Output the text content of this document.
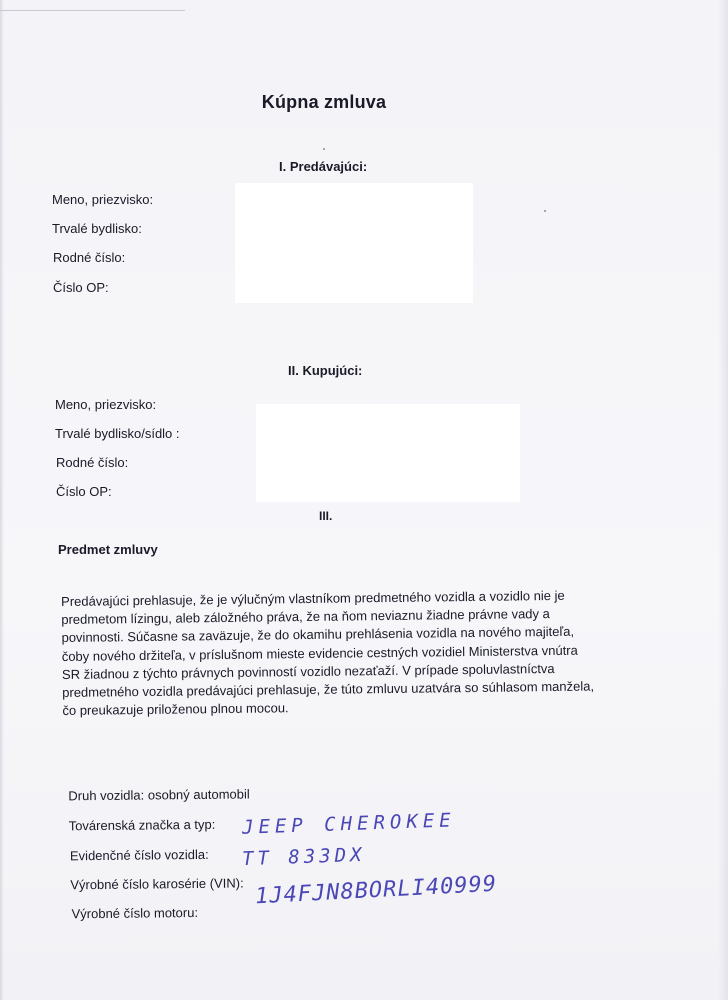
Kúpna zmluva
I. Predávajúci:
Meno, priezvisko:
Trvalé bydlisko:
Rodné číslo:
Číslo OP:
II. Kupujúci:
Meno, priezvisko:
Trvalé bydlisko/sídlo :
Rodné číslo:
Číslo OP:
III.
Predmet zmluvy
Predávajúci prehlasuje, že je výlučným vlastníkom predmetného vozidla a vozidlo nie je
predmetom lízingu, aleb záložného práva, že na ňom neviaznu žiadne právne vady a
povinnosti. Súčasne sa zaväzuje, že do okamihu prehlásenia vozidla na nového majiteľa,
čoby nového držiteľa, v príslušnom mieste evidencie cestných vozidiel Ministerstva vnútra
SR žiadnou z týchto právnych povinností vozidlo nezaťaží. V prípade spoluvlastníctva
predmetného vozidla predávajúci prehlasuje, že túto zmluvu uzatvára so súhlasom manžela,
čo preukazuje priloženou plnou mocou.
Druh vozidla: osobný automobil
Továrenská značka a typ:
Evidenčné číslo vozidla:
Výrobné číslo karosérie (VIN):
Výrobné číslo motoru:
JEEP CHEROKEE
TT 833DX
1J4FJN8BORLI40999
